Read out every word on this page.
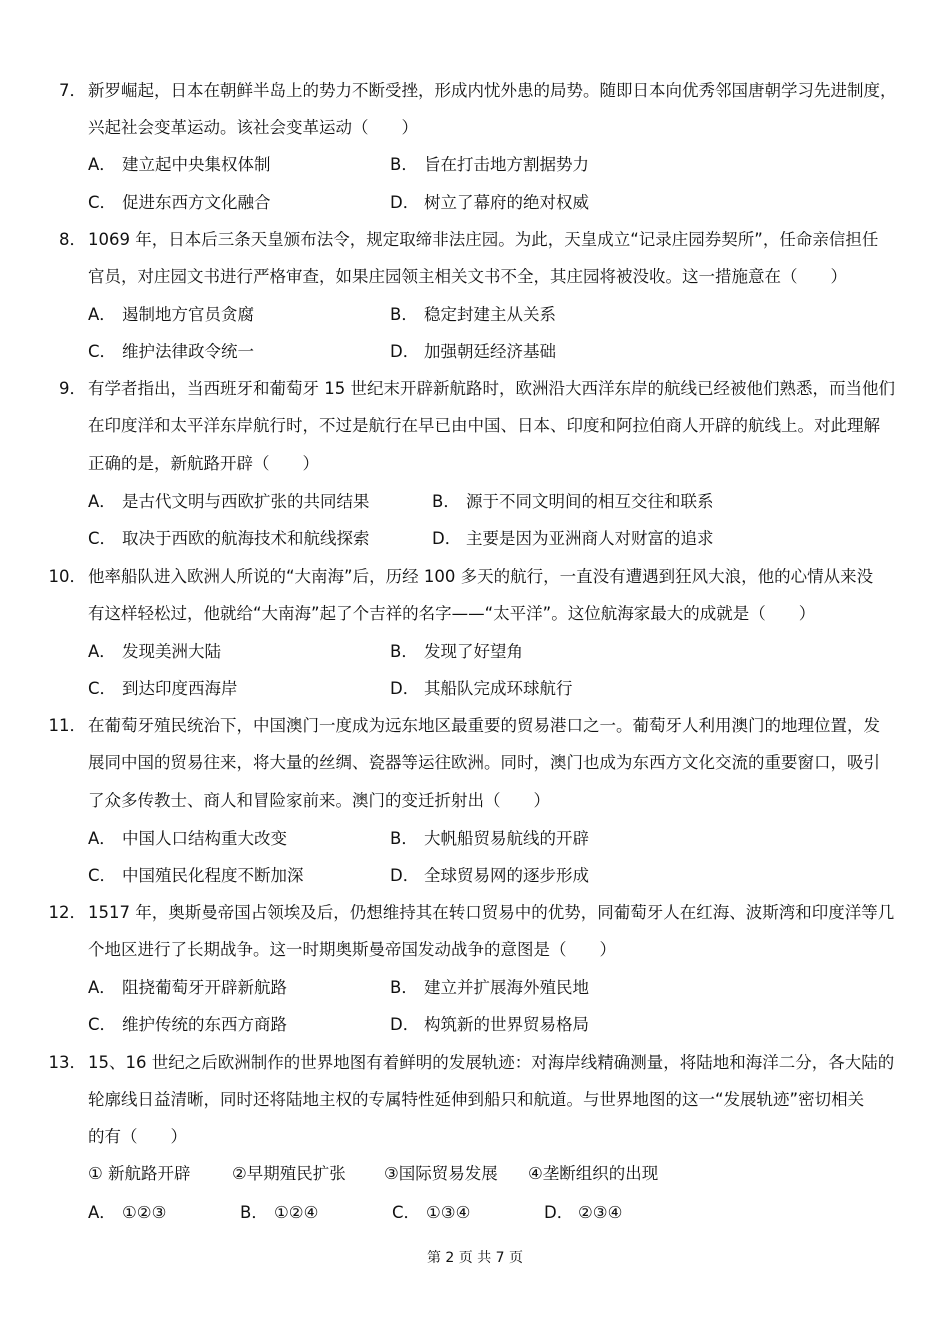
7． 新罗崛起，日本在朝鲜半岛上的势力不断受挫，形成内忧外患的局势。随即日本向优秀邻国唐朝学习先进制度，
兴起社会变革运动。该社会变革运动（　　）
A． 建立起中央集权体制	B． 旨在打击地方割据势力
C． 促进东西方文化融合	D． 树立了幕府的绝对权威
8． 1069 年，日本后三条天皇颁布法令，规定取缔非法庄园。为此，天皇成立“记录庄园券契所”，任命亲信担任
官员，对庄园文书进行严格审查，如果庄园领主相关文书不全，其庄园将被没收。这一措施意在（　　）
A． 遏制地方官员贪腐	B． 稳定封建主从关系
C． 维护法律政令统一	D． 加强朝廷经济基础
9． 有学者指出，当西班牙和葡萄牙 15 世纪末开辟新航路时，欧洲沿大西洋东岸的航线已经被他们熟悉，而当他们
在印度洋和太平洋东岸航行时，不过是航行在早已由中国、日本、印度和阿拉伯商人开辟的航线上。对此理解
正确的是，新航路开辟（　　）
A． 是古代文明与西欧扩张的共同结果	B． 源于不同文明间的相互交往和联系
C． 取决于西欧的航海技术和航线探索	D． 主要是因为亚洲商人对财富的追求
10． 他率船队进入欧洲人所说的“大南海”后，历经 100 多天的航行，一直没有遭遇到狂风大浪，他的心情从来没
有这样轻松过，他就给“大南海”起了个吉祥的名字——“太平洋”。这位航海家最大的成就是（　　）
A． 发现美洲大陆	B． 发现了好望角
C． 到达印度西海岸	D． 其船队完成环球航行
11． 在葡萄牙殖民统治下，中国澳门一度成为远东地区最重要的贸易港口之一。葡萄牙人利用澳门的地理位置，发
展同中国的贸易往来，将大量的丝绸、瓷器等运往欧洲。同时，澳门也成为东西方文化交流的重要窗口，吸引
了众多传教士、商人和冒险家前来。澳门的变迁折射出（　　）
A． 中国人口结构重大改变	B． 大帆船贸易航线的开辟
C． 中国殖民化程度不断加深	D． 全球贸易网的逐步形成
12． 1517 年，奥斯曼帝国占领埃及后，仍想维持其在转口贸易中的优势，同葡萄牙人在红海、波斯湾和印度洋等几
个地区进行了长期战争。这一时期奥斯曼帝国发动战争的意图是（　　）
A． 阻挠葡萄牙开辟新航路	B． 建立并扩展海外殖民地
C． 维护传统的东西方商路	D． 构筑新的世界贸易格局
13． 15、16 世纪之后欧洲制作的世界地图有着鲜明的发展轨迹：对海岸线精确测量，将陆地和海洋二分，各大陆的
轮廓线日益清晰，同时还将陆地主权的专属特性延伸到船只和航道。与世界地图的这一“发展轨迹”密切相关
的有（　　）
① 新航路开辟	②早期殖民扩张 ③国际贸易发展 ④垄断组织的出现
A． ①②③	B． ①②④	C． ①③④	D． ②③④
第 2 页 共 7 页
